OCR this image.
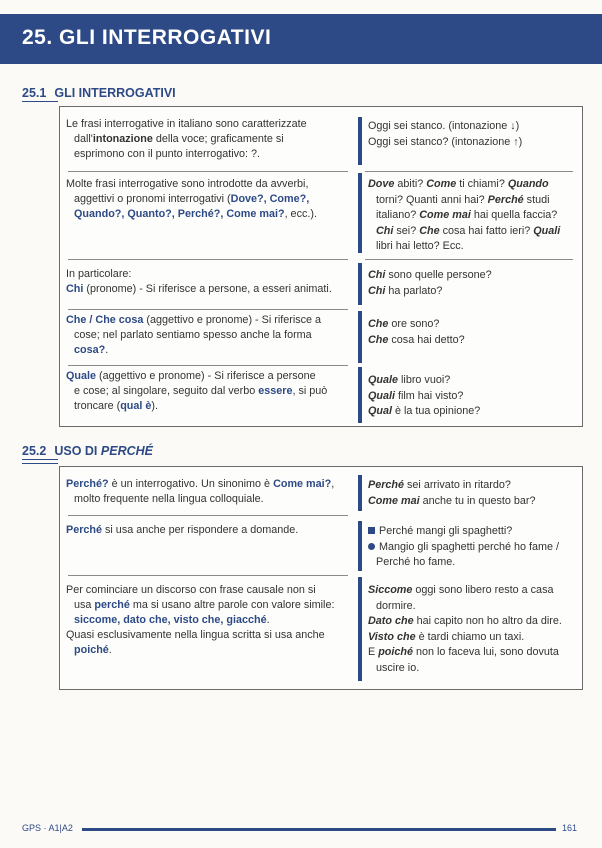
25. GLI INTERROGATIVI
25.1 GLI INTERROGATIVI
Le frasi interrogative in italiano sono caratterizzate

dall'intonazione della voce; graficamente si
esprimono con il punto interrogativo: ?.
Oggi sei stanco. (intonazione ↓)
Oggi sei stanco? (intonazione ↑)
Molte frasi interrogative sono introdotte da avverbi,

aggettivi o pronomi interrogativi (Dove?, Come?,
Quando?, Quanto?, Perché?, Come mai?, ecc.).
Dove abiti? Come ti chiami? Quando

torni? Quanti anni hai? Perché studi
italiano? Come mai hai quella faccia?
Chi sei? Che cosa hai fatto ieri? Quali
libri hai letto? Ecc.
In particolare:
Chi (pronome) - Si riferisce a persone, a esseri animati.
Chi sono quelle persone?
Chi ha parlato?
Che / Che cosa (aggettivo e pronome) - Si riferisce a

cose; nel parlato sentiamo spesso anche la forma
cosa?.
Che ore sono?
Che cosa hai detto?
Quale (aggettivo e pronome) - Si riferisce a persone

e cose; al singolare, seguito dal verbo essere, si può
troncare (qual è).
Quale libro vuoi?
Quali film hai visto?
Qual è la tua opinione?
25.2 USO DI PERCHÉ
Perché? è un interrogativo. Un sinonimo è Come mai?,

molto frequente nella lingua colloquiale.
Perché sei arrivato in ritardo?
Come mai anche tu in questo bar?
Perché si usa anche per rispondere a domande.	Perché mangi gli spaghetti?
Mangio gli spaghetti perché ho fame /

Perché ho fame.
Per cominciare un discorso con frase causale non si

usa perché ma si usano altre parole con valore simile:
siccome, dato che, visto che, giacché.
Quasi esclusivamente nella lingua scritta si usa anche

poiché.
Siccome oggi sono libero resto a casa

dormire.
Dato che hai capito non ho altro da dire.
Visto che è tardi chiamo un taxi.
E poiché non lo faceva lui, sono dovuta

uscire io.
GPS · A1|A2	161
